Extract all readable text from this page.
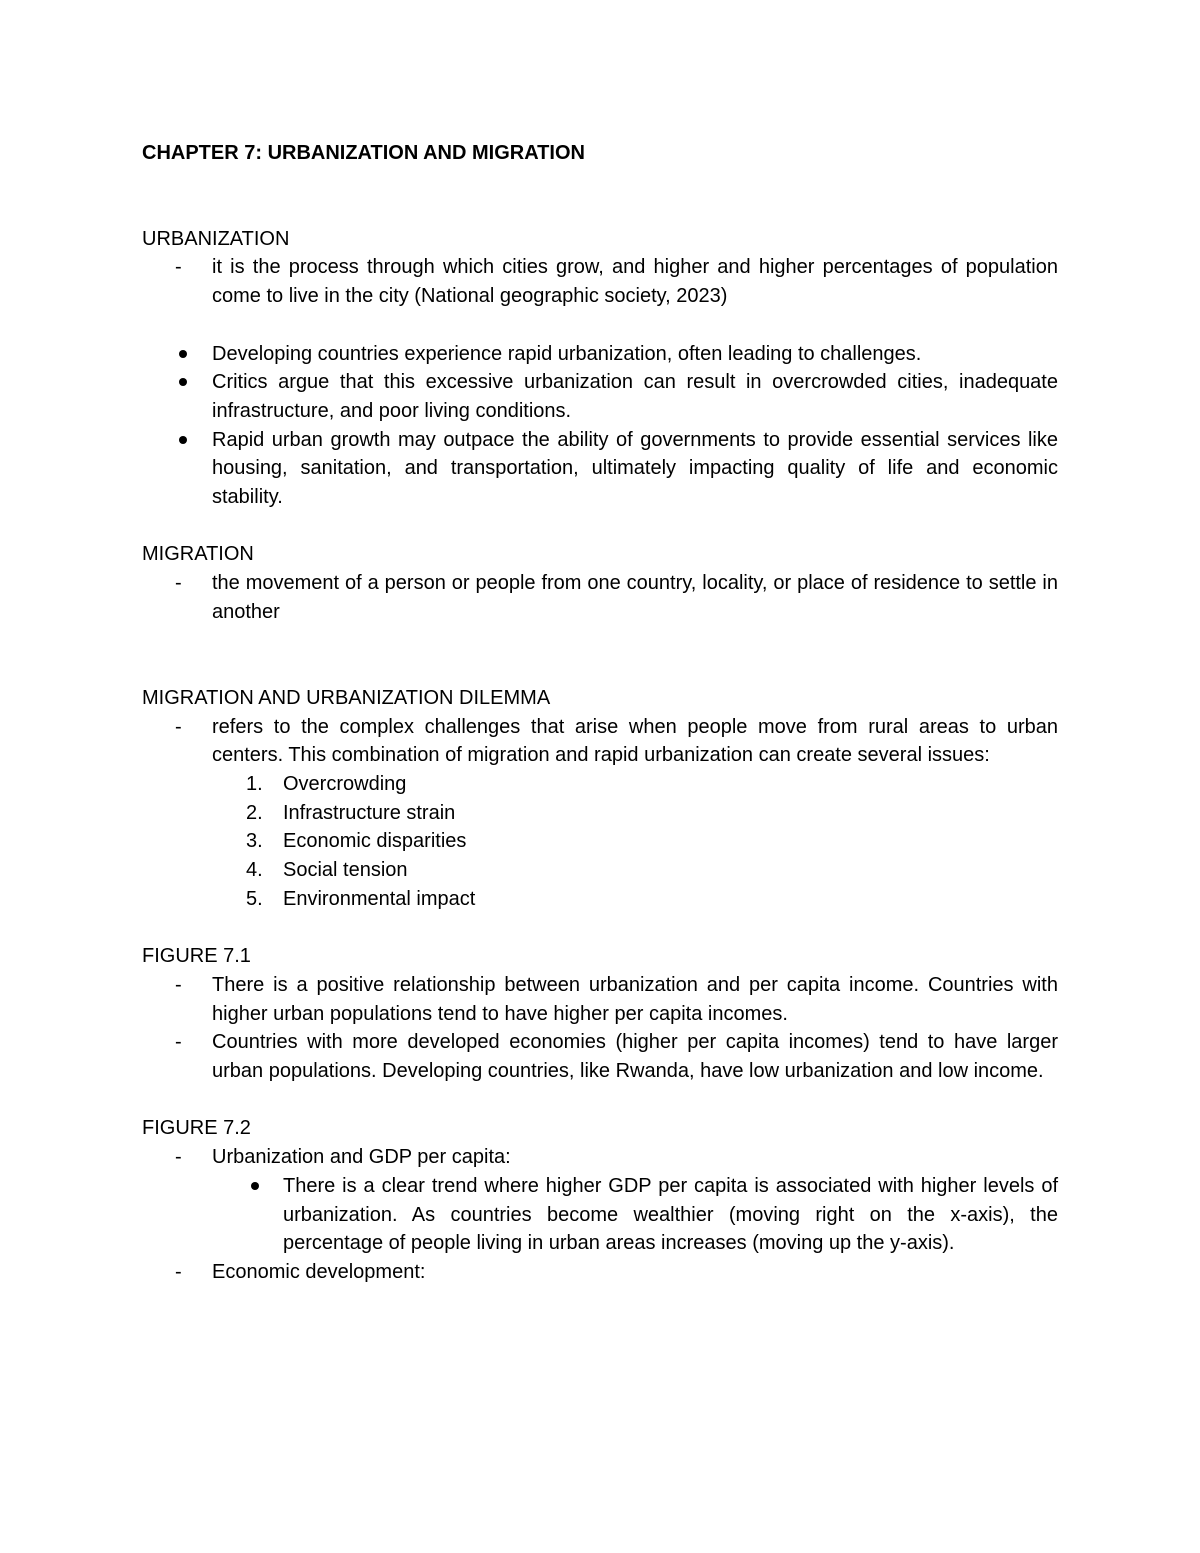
CHAPTER 7: URBANIZATION AND MIGRATION
URBANIZATION
- it is the process through which cities grow, and higher and higher percentages of population come to live in the city (National geographic society, 2023)
Developing countries experience rapid urbanization, often leading to challenges.
Critics argue that this excessive urbanization can result in overcrowded cities, inadequate infrastructure, and poor living conditions.
Rapid urban growth may outpace the ability of governments to provide essential services like housing, sanitation, and transportation, ultimately impacting quality of life and economic stability.
MIGRATION
- the movement of a person or people from one country, locality, or place of residence to settle in another
MIGRATION AND URBANIZATION DILEMMA
- refers to the complex challenges that arise when people move from rural areas to urban centers. This combination of migration and rapid urbanization can create several issues:
1. Overcrowding
2. Infrastructure strain
3. Economic disparities
4. Social tension
5. Environmental impact
FIGURE 7.1
- There is a positive relationship between urbanization and per capita income. Countries with higher urban populations tend to have higher per capita incomes.
- Countries with more developed economies (higher per capita incomes) tend to have larger urban populations. Developing countries, like Rwanda, have low urbanization and low income.
FIGURE 7.2
- Urbanization and GDP per capita:
There is a clear trend where higher GDP per capita is associated with higher levels of urbanization. As countries become wealthier (moving right on the x-axis), the percentage of people living in urban areas increases (moving up the y-axis).
- Economic development:
